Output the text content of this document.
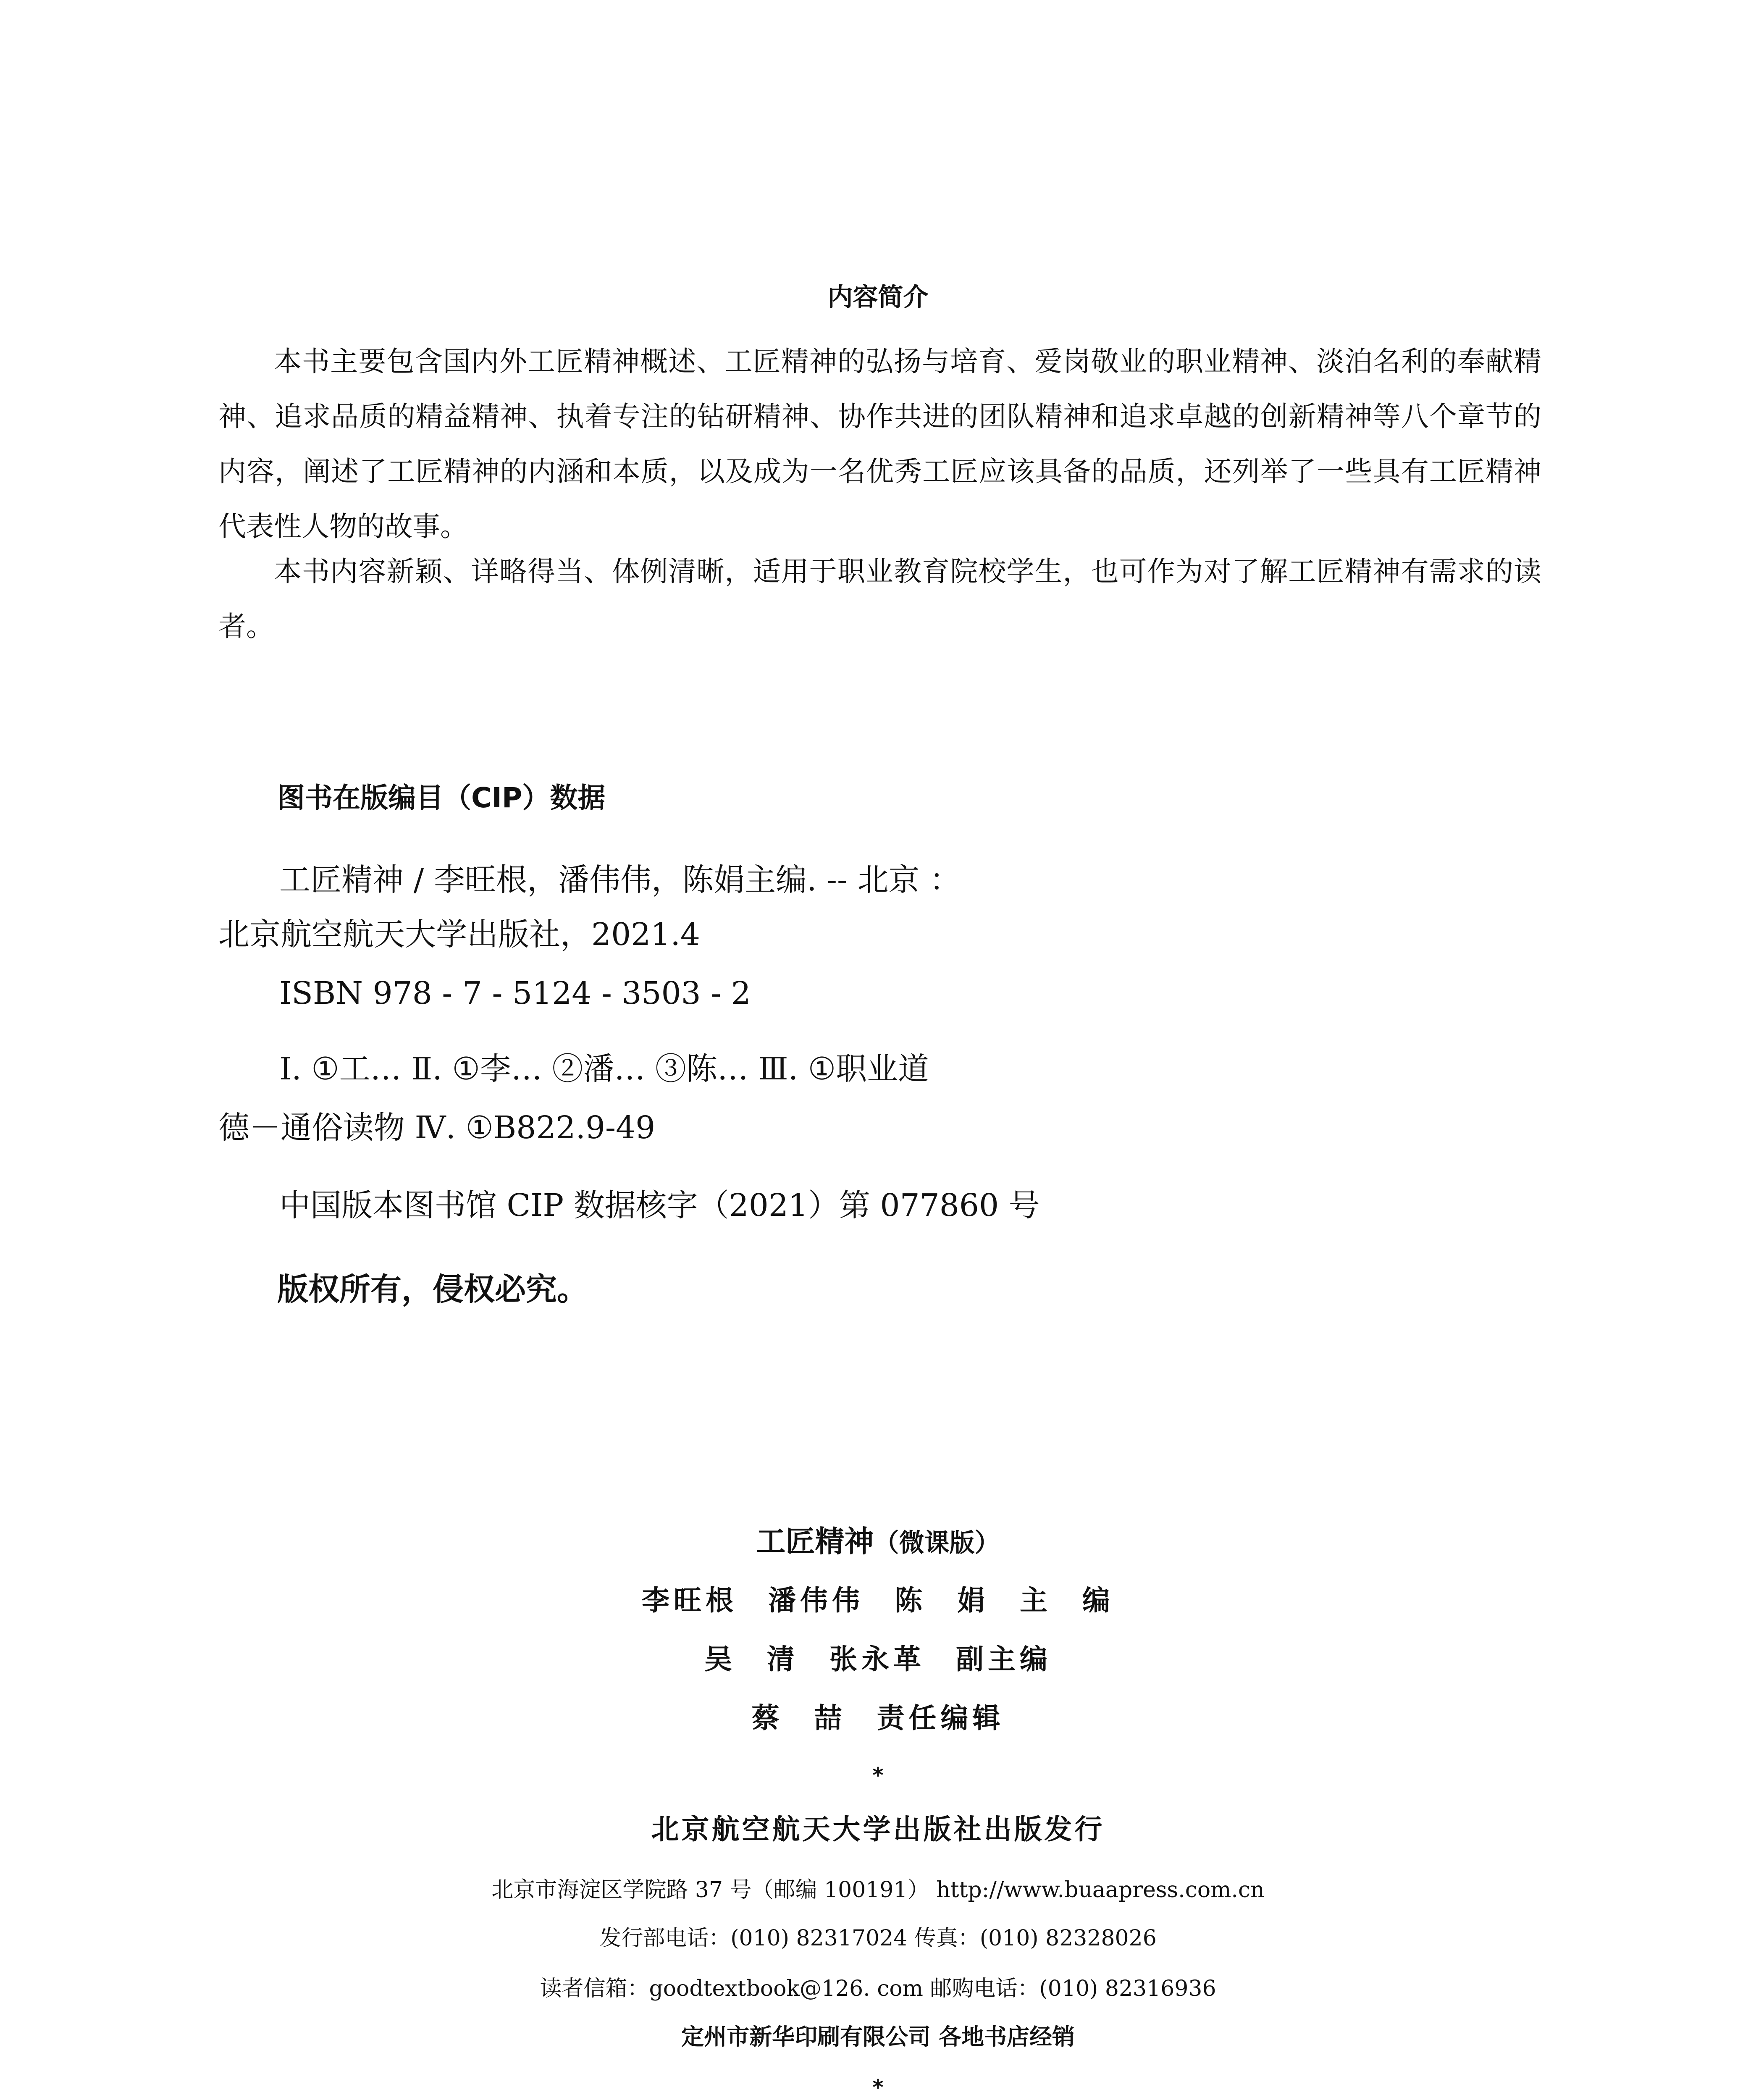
内容简介

本书主要包含国内外工匠精神概述、工匠精神的弘扬与培育、爱岗敬业的职业精神、淡泊名利的奉献精神、追求品质的精益精神、执着专注的钻研精神、协作共进的团队精神和追求卓越的创新精神等八个章节的内容，阐述了工匠精神的内涵和本质，以及成为一名优秀工匠应该具备的品质，还列举了一些具有工匠精神代表性人物的故事。

本书内容新颖、详略得当、体例清晰，适用于职业教育院校学生，也可作为对了解工匠精神有需求的读者。

图书在版编目（CIP）数据
工匠精神 / 李旺根，潘伟伟，陈娟主编. -- 北京 ：
北京航空航天大学出版社，2021.4
ISBN 978 - 7 - 5124 - 3503 - 2
Ⅰ. ①工… Ⅱ. ①李… ②潘… ③陈… Ⅲ. ①职业道
德－通俗读物 Ⅳ. ①B822.9-49
中国版本图书馆 CIP 数据核字（2021）第 077860 号
版权所有，侵权必究。
工匠精神（微课版）
李旺根 潘伟伟 陈 娟 主 编
吴 清 张永革 副主编
蔡 喆 责任编辑
*
北京航空航天大学出版社出版发行
北京市海淀区学院路 37 号（邮编 100191） http://www.buaapress.com.cn
发行部电话：(010) 82317024 传真：(010) 82328026
读者信箱：goodtextbook@126. com 邮购电话：(010) 82316936
定州市新华印刷有限公司 各地书店经销
*
